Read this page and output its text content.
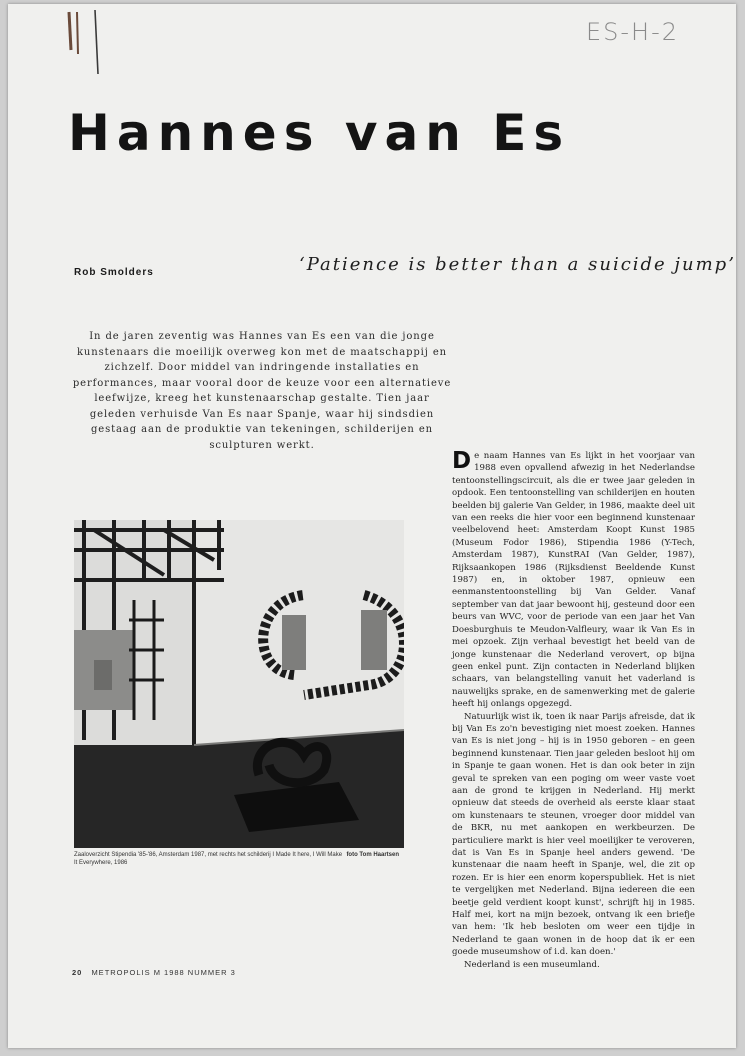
ES-H-2
Hannes van Es
Rob Smolders	‘Patience is better than a suicide jump’
In de jaren zeventig was Hannes van Es een van die jonge kunstenaars die moeilijk overweg kon met de maatschappij en zichzelf. Door middel van indringende installaties en performances, maar vooral door de keuze voor een alternatieve leefwijze, kreeg het kunstenaarschap gestalte. Tien jaar geleden verhuisde Van Es naar Spanje, waar hij sindsdien gestaag aan de produktie van tekeningen, schilderijen en sculpturen werkt.
foto Tom Haartsen
Zaaloverzicht Stipendia '85-'86, Amsterdam 1987, met rechts het schilderij I Made It here, I Will Make It Everywhere, 1986

De naam Hannes van Es lijkt in het voorjaar van 1988 even opvallend afwezig in het Nederlandse tentoonstellingscircuit, als die er twee jaar geleden in opdook. Een tentoonstelling van schilderijen en houten beelden bij galerie Van Gelder, in 1986, maakte deel uit van een reeks die hier voor een beginnend kunstenaar veelbelovend heet: Amsterdam Koopt Kunst 1985 (Museum Fodor 1986), Stipendia 1986 (Y-Tech, Amsterdam 1987), KunstRAI (Van Gelder, 1987), Rijksaankopen 1986 (Rijksdienst Beeldende Kunst 1987) en, in oktober 1987, opnieuw een eenmanstentoonstelling bij Van Gelder. Vanaf september van dat jaar bewoont hij, gesteund door een beurs van WVC, voor de periode van een jaar het Van Doesburghuis te Meudon-Valfleury, waar ik Van Es in mei opzoek. Zijn verhaal bevestigt het beeld van de jonge kunstenaar die Nederland verovert, op bijna geen enkel punt. Zijn contacten in Nederland blijken schaars, van belangstelling vanuit het vaderland is nauwelijks sprake, en de samenwerking met de galerie heeft hij onlangs opgezegd.

Natuurlijk wist ik, toen ik naar Parijs afreisde, dat ik bij Van Es zo'n bevestiging niet moest zoeken. Hannes van Es is niet jong – hij is in 1950 geboren – en geen beginnend kunstenaar. Tien jaar geleden besloot hij om in Spanje te gaan wonen. Het is dan ook beter in zijn geval te spreken van een poging om weer vaste voet aan de grond te krijgen in Nederland. Hij merkt opnieuw dat steeds de overheid als eerste klaar staat om kunstenaars te steunen, vroeger door middel van de BKR, nu met aankopen en werkbeurzen. De particuliere markt is hier veel moeilijker te veroveren, dat is Van Es in Spanje heel anders gewend. 'De kunstenaar die naam heeft in Spanje, wel, die zit op rozen. Er is hier een enorm koperspubliek. Het is niet te vergelijken met Nederland. Bijna iedereen die een beetje geld verdient koopt kunst', schrijft hij in 1985. Half mei, kort na mijn bezoek, ontvang ik een briefje van hem: 'Ik heb besloten om weer een tijdje in Nederland te gaan wonen in de hoop dat ik er een goede museumshow of i.d. kan doen.'

Nederland is een museumland.

20 METROPOLIS M 1988 NUMMER 3
